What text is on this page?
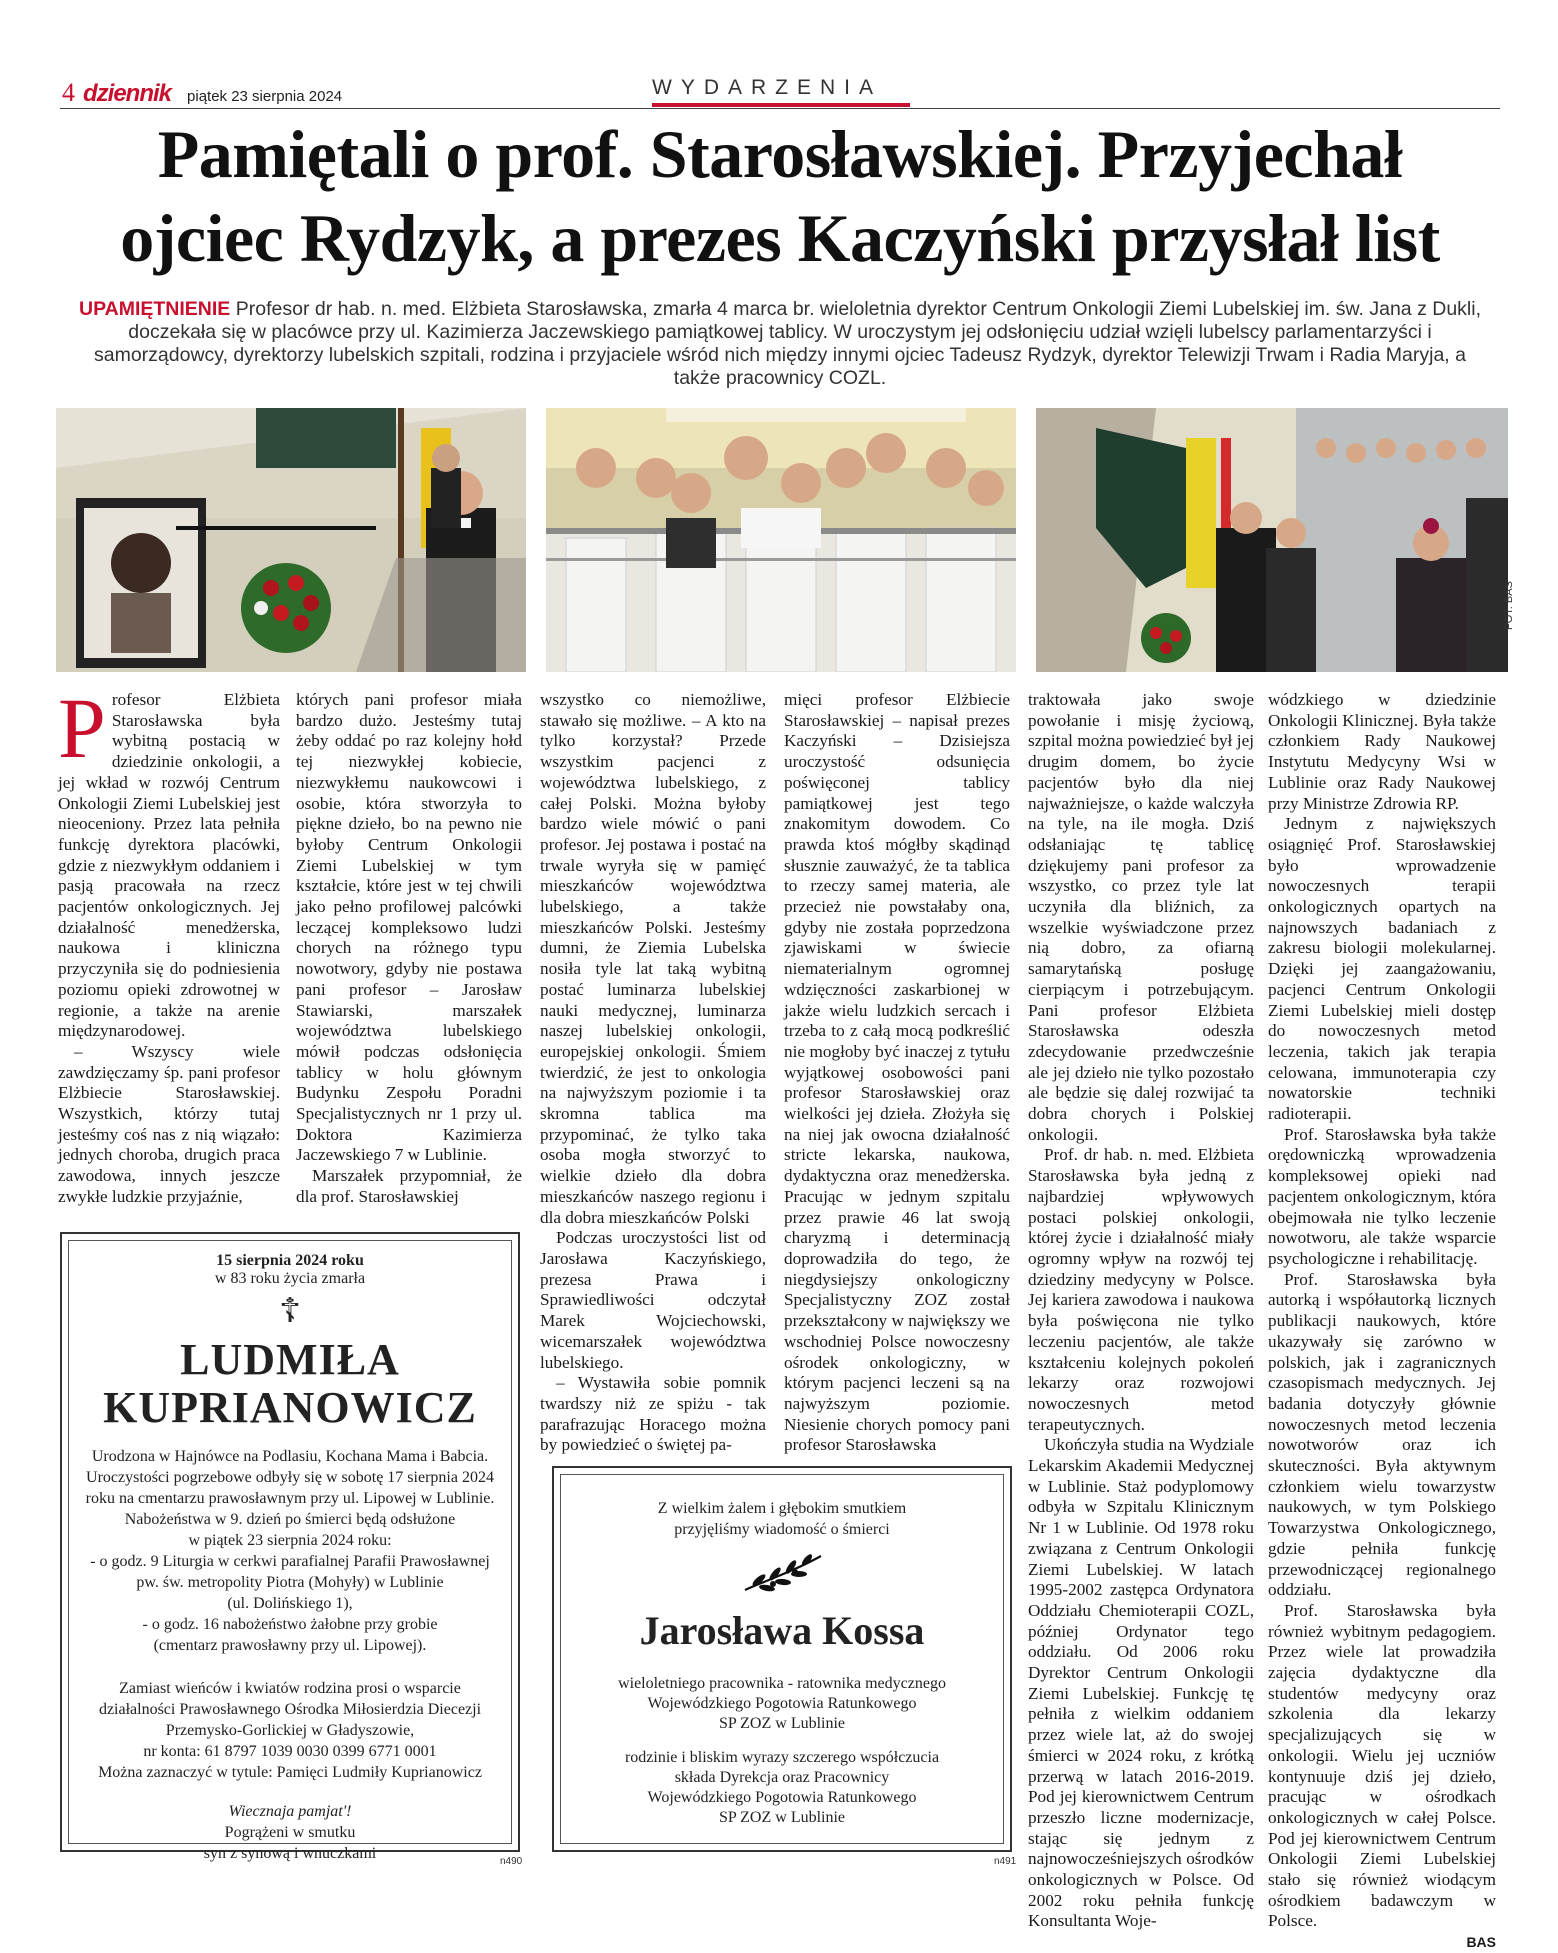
4 dziennik piątek 23 sierpnia 2024	WYDARZENIA
Pamiętali o prof. Starosławskiej. Przyjechał
ojciec Rydzyk, a prezes Kaczyński przysłał list
UPAMIĘTNIENIE Profesor dr hab. n. med. Elżbieta Starosławska, zmarła 4 marca br. wieloletnia dyrektor Centrum Onkologii Ziemi Lubelskiej im. św. Jana z Dukli, doczekała się w placówce przy ul. Kazimierza Jaczewskiego pamiątkowej tablicy. W uroczystym jej odsłonięciu udział wzięli lubelscy parlamentarzyści i samorządowcy, dyrektorzy lubelskich szpitali, rodzina i przyjaciele wśród nich między innymi ojciec Tadeusz Rydzyk, dyrektor Telewizji Trwam i Radia Maryja, a także pracownicy COZL.
FOT. BAS

Profesor Elżbieta Starosławska była wybitną postacią w dziedzinie onkologii, a jej wkład w rozwój Centrum Onkologii Ziemi Lubelskiej jest nieoceniony. Przez lata pełniła funkcję dyrektora placówki, gdzie z niezwykłym oddaniem i pasją pracowała na rzecz pacjentów onkologicznych. Jej działalność menedżerska, naukowa i kliniczna przyczyniła się do podniesienia poziomu opieki zdrowotnej w regionie, a także na arenie międzynarodowej.

– Wszyscy wiele zawdzięczamy śp. pani profesor Elżbiecie Starosławskiej. Wszystkich, którzy tutaj jesteśmy coś nas z nią wiązało: jednych choroba, drugich praca zawodowa, innych jeszcze zwykłe ludzkie przyjaźnie,

których pani profesor miała bardzo dużo. Jesteśmy tutaj żeby oddać po raz kolejny hołd tej niezwykłej kobiecie, niezwykłemu naukowcowi i osobie, która stworzyła to piękne dzieło, bo na pewno nie byłoby Centrum Onkologii Ziemi Lubelskiej w tym kształcie, które jest w tej chwili jako pełno profilowej palcówki leczącej kompleksowo ludzi chorych na różnego typu nowotwory, gdyby nie postawa pani profesor – Jarosław Stawiarski, marszałek województwa lubelskiego mówił podczas odsłonięcia tablicy w holu głównym Budynku Zespołu Poradni Specjalistycznych nr 1 przy ul. Doktora Kazimierza Jaczewskiego 7 w Lublinie.

Marszałek przypomniał, że dla prof. Starosławskiej

wszystko co niemożliwe, stawało się możliwe. – A kto na tylko korzystał? Przede wszystkim pacjenci z województwa lubelskiego, z całej Polski. Można byłoby bardzo wiele mówić o pani profesor. Jej postawa i postać na trwale wyryła się w pamięć mieszkańców województwa lubelskiego, a także mieszkańców Polski. Jesteśmy dumni, że Ziemia Lubelska nosiła tyle lat taką wybitną postać luminarza lubelskiej nauki medycznej, luminarza naszej lubelskiej onkologii, europejskiej onkologii. Śmiem twierdzić, że jest to onkologia na najwyższym poziomie i ta skromna tablica ma przypominać, że tylko taka osoba mogła stworzyć to wielkie dzieło dla dobra mieszkańców naszego regionu i dla dobra mieszkańców Polski

Podczas uroczystości list od Jarosława Kaczyńskiego, prezesa Prawa i Sprawiedliwości odczytał Marek Wojciechowski, wicemarszałek województwa lubelskiego.

– Wystawiła sobie pomnik twardszy niż ze spiżu - tak parafrazując Horacego można by powiedzieć o świętej pa-

mięci profesor Elżbiecie Starosławskiej – napisał prezes Kaczyński – Dzisiejsza uroczystość odsunięcia poświęconej tablicy pamiątkowej jest tego znakomitym dowodem. Co prawda ktoś mógłby skądinąd słusznie zauważyć, że ta tablica to rzeczy samej materia, ale przecież nie powstałaby ona, gdyby nie została poprzedzona zjawiskami w świecie niematerialnym ogromnej wdzięczności zaskarbionej w jakże wielu ludzkich sercach i trzeba to z całą mocą podkreślić nie mogłoby być inaczej z tytułu wyjątkowej osobowości pani profesor Starosławskiej oraz wielkości jej dzieła. Złożyła się na niej jak owocna działalność stricte lekarska, naukowa, dydaktyczna oraz menedżerska. Pracując w jednym szpitalu przez prawie 46 lat swoją charyzmą i determinacją doprowadziła do tego, że niegdysiejszy onkologiczny Specjalistyczny ZOZ został przekształcony w największy we wschodniej Polsce nowoczesny ośrodek onkologiczny, w którym pacjenci leczeni są na najwyższym poziomie. Niesienie chorych pomocy pani profesor Starosławska

traktowała jako swoje powołanie i misję życiową, szpital można powiedzieć był jej drugim domem, bo życie pacjentów było dla niej najważniejsze, o każde walczyła na tyle, na ile mogła. Dziś odsłaniając tę tablicę dziękujemy pani profesor za wszystko, co przez tyle lat uczyniła dla bliźnich, za wszelkie wyświadczone przez nią dobro, za ofiarną samarytańską posługę cierpiącym i potrzebującym. Pani profesor Elżbieta Starosławska odeszła zdecydowanie przedwcześnie ale jej dzieło nie tylko pozostało ale będzie się dalej rozwijać ta dobra chorych i Polskiej onkologii.

Prof. dr hab. n. med. Elżbieta Starosławska była jedną z najbardziej wpływowych postaci polskiej onkologii, której życie i działalność miały ogromny wpływ na rozwój tej dziedziny medycyny w Polsce. Jej kariera zawodowa i naukowa była poświęcona nie tylko leczeniu pacjentów, ale także kształceniu kolejnych pokoleń lekarzy oraz rozwojowi nowoczesnych metod terapeutycznych.

Ukończyła studia na Wydziale Lekarskim Akademii Medycznej w Lublinie. Staż podyplomowy odbyła w Szpitalu Klinicznym Nr 1 w Lublinie. Od 1978 roku związana z Centrum Onkologii Ziemi Lubelskiej. W latach 1995-2002 zastępca Ordynatora Oddziału Chemioterapii COZL, później Ordynator tego oddziału. Od 2006 roku Dyrektor Centrum Onkologii Ziemi Lubelskiej. Funkcję tę pełniła z wielkim oddaniem przez wiele lat, aż do swojej śmierci w 2024 roku, z krótką przerwą w latach 2016-2019. Pod jej kierownictwem Centrum przeszło liczne modernizacje, stając się jednym z najnowocześniejszych ośrodków onkologicznych w Polsce. Od 2002 roku pełniła funkcję Konsultanta Woje-

wódzkiego w dziedzinie Onkologii Klinicznej. Była także członkiem Rady Naukowej Instytutu Medycyny Wsi w Lublinie oraz Rady Naukowej przy Ministrze Zdrowia RP.

Jednym z największych osiągnięć Prof. Starosławskiej było wprowadzenie nowoczesnych terapii onkologicznych opartych na najnowszych badaniach z zakresu biologii molekularnej. Dzięki jej zaangażowaniu, pacjenci Centrum Onkologii Ziemi Lubelskiej mieli dostęp do nowoczesnych metod leczenia, takich jak terapia celowana, immunoterapia czy nowatorskie techniki radioterapii.

Prof. Starosławska była także orędowniczką wprowadzenia kompleksowej opieki nad pacjentem onkologicznym, która obejmowała nie tylko leczenie nowotworu, ale także wsparcie psychologiczne i rehabilitację.

Prof. Starosławska była autorką i współautorką licznych publikacji naukowych, które ukazywały się zarówno w polskich, jak i zagranicznych czasopismach medycznych. Jej badania dotyczyły głównie nowoczesnych metod leczenia nowotworów oraz ich skuteczności. Była aktywnym członkiem wielu towarzystw naukowych, w tym Polskiego Towarzystwa Onkologicznego, gdzie pełniła funkcję przewodniczącej regionalnego oddziału.

Prof. Starosławska była również wybitnym pedagogiem. Przez wiele lat prowadziła zajęcia dydaktyczne dla studentów medycyny oraz szkolenia dla lekarzy specjalizujących się w onkologii. Wielu jej uczniów kontynuuje dziś jej dzieło, pracując w ośrodkach onkologicznych w całej Polsce. Pod jej kierownictwem Centrum Onkologii Ziemi Lubelskiej stało się również wiodącym ośrodkiem badawczym w Polsce.

BAS
15 sierpnia 2024 roku
w 83 roku życia zmarła
☦
LUDMIŁA
KUPRIANOWICZ

Urodzona w Hajnówce na Podlasiu, Kochana Mama i Babcia.

Uroczystości pogrzebowe odbyły się w sobotę 17 sierpnia 2024

roku na cmentarzu prawosławnym przy ul. Lipowej w Lublinie.

Nabożeństwa w 9. dzień po śmierci będą odsłużone

w piątek 23 sierpnia 2024 roku:

- o godz. 9 Liturgia w cerkwi parafialnej Parafii Prawosławnej

pw. św. metropolity Piotra (Mohyły) w Lublinie

(ul. Dolińskiego 1),

- o godz. 16 nabożeństwo żałobne przy grobie

(cmentarz prawosławny przy ul. Lipowej).

Zamiast wieńców i kwiatów rodzina prosi o wsparcie

działalności Prawosławnego Ośrodka Miłosierdzia Diecezji

Przemysko-Gorlickiej w Gładyszowie,

nr konta: 61 8797 1039 0030 0399 6771 0001

Można zaznaczyć w tytule: Pamięci Ludmiły Kuprianowicz

Wiecznaja pamjat'!

Pogrążeni w smutku

syn z synową i wnuczkami	n490
Z wielkim żalem i głębokim smutkiem
przyjęliśmy wiadomość o śmierci
Jarosława Kossa

wieloletniego pracownika - ratownika medycznego
Wojewódzkiego Pogotowia Ratunkowego
SP ZOZ w Lublinie

rodzinie i bliskim wyrazy szczerego współczucia
składa Dyrekcja oraz Pracownicy
Wojewódzkiego Pogotowia Ratunkowego
SP ZOZ w Lublinie

n491
